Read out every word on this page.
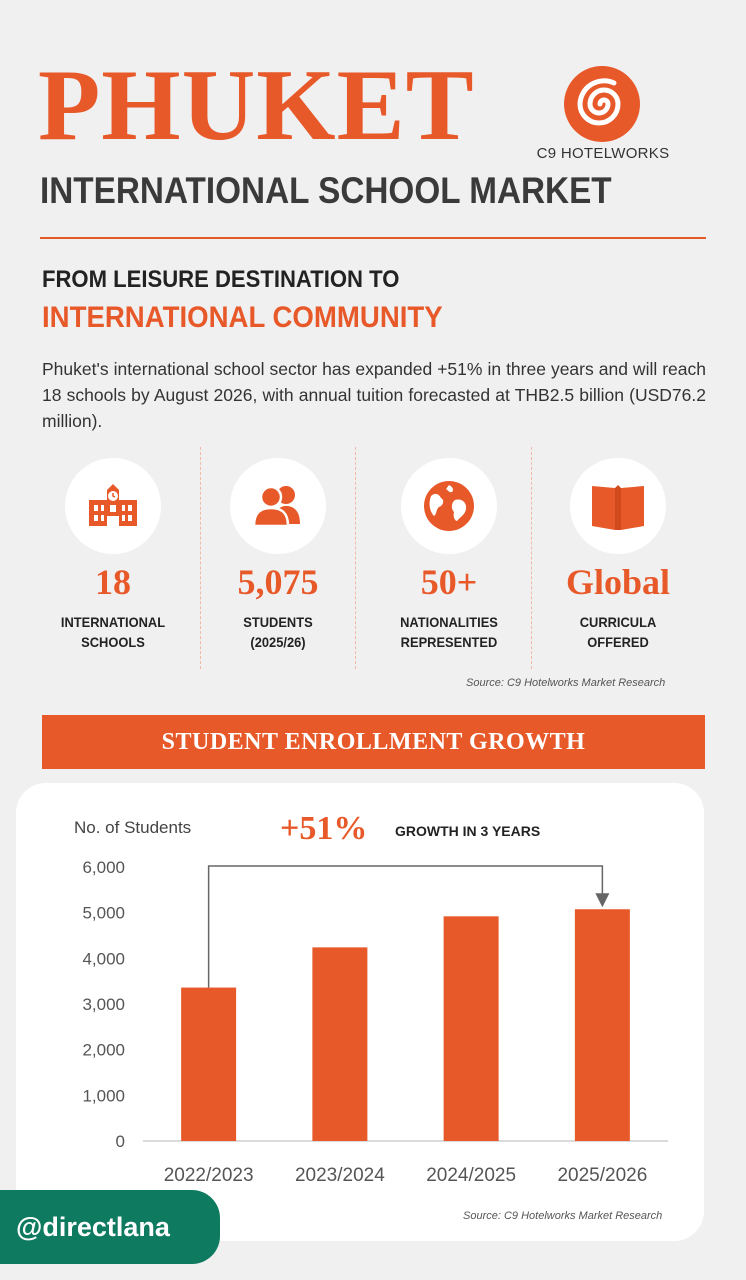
PHUKET	C9 HOTELWORKS
INTERNATIONAL SCHOOL MARKET
FROM LEISURE DESTINATION TO
INTERNATIONAL COMMUNITY
Phuket's international school sector has expanded +51% in three years and will reach 18 schools by August 2026, with annual tuition forecasted at THB2.5 billion (USD76.2 million).
18
INTERNATIONAL
SCHOOLS
5,075
STUDENTS
(2025/26)
50+
NATIONALITIES
REPRESENTED
Global
CURRICULA
OFFERED
Source: C9 Hotelworks Market Research
STUDENT ENROLLMENT GROWTH
No. of Students	+51% GROWTH IN 3 YEARS
0
1,000
2,000
3,000
4,000
5,000
6,000
2022/2023 2023/2024 2024/2025 2025/2026
Source: C9 Hotelworks Market Research
@directlana
